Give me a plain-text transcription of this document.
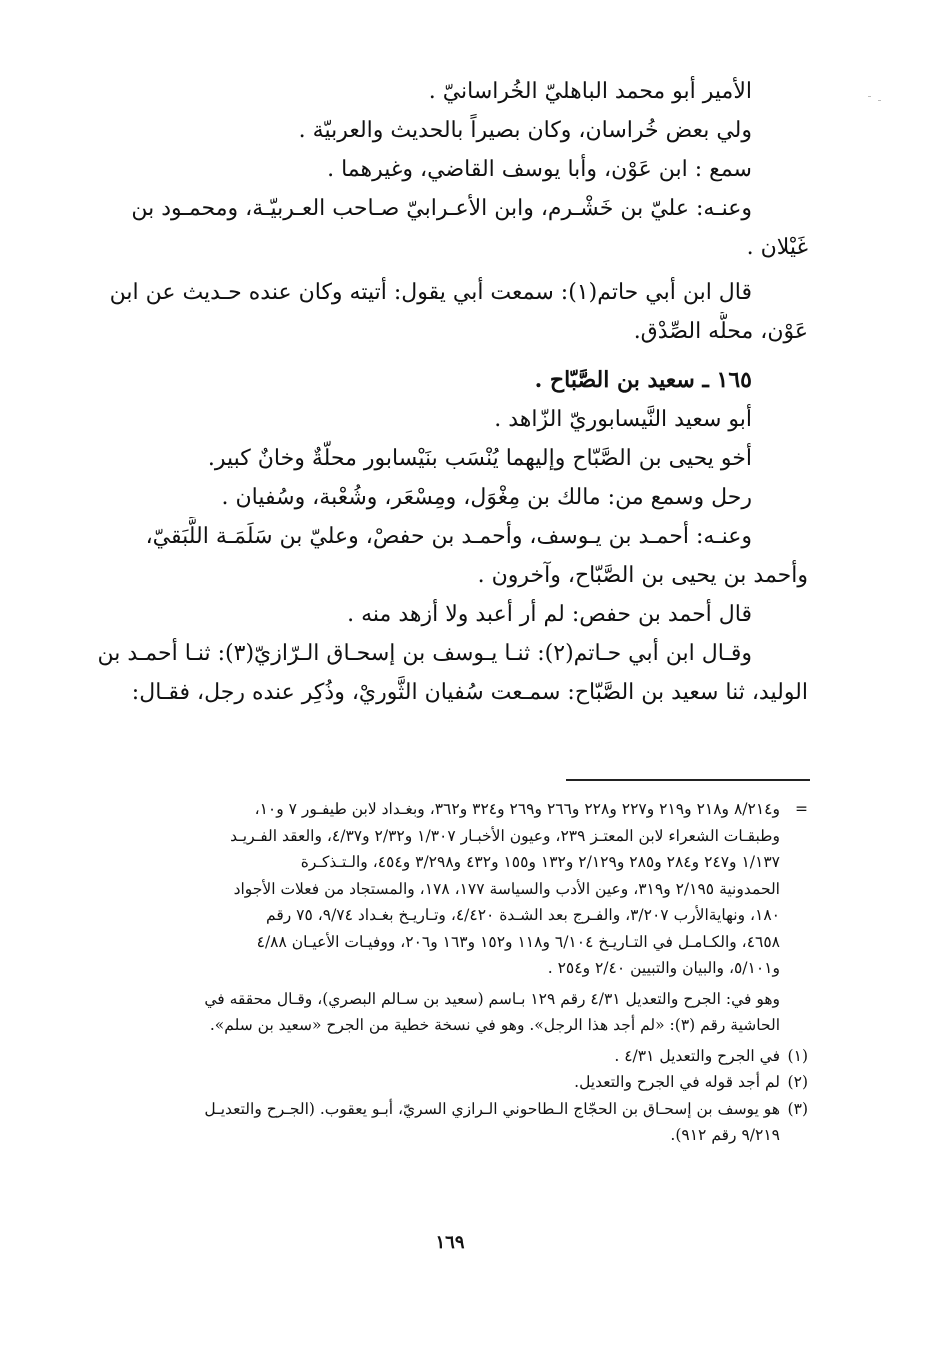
الأمير أبو محمد الباهليّ الخُراسانيّ .
ولي بعض خُراسان، وكان بصيراً بالحديث والعربيّة .
سمع : ابن عَوْن، وأبا يوسف القاضي، وغيرهما .
وعنـه: عليّ بن خَشْـرم، وابن الأعـرابيّ صـاحب العـربيّـة، ومحمـود بن
غَيْلان .
قال ابن أبي حاتم(١): سمعت أبي يقول: أتيته وكان عنده حـديث عن ابن
عَوْن، محلُّه الصِّدْق.
١٦٥ ـ سعيد بن الصَّبّاح .
أبو سعيد النَّيسابوريّ الزّاهد .
أخو يحيى بن الصَّبّاح وإليهما يُنْسَب بنَيْسابور محلّةٌ وخانٌ كبير.
رحل وسمع من: مالك بن مِغْوَل، ومِسْعَر، وشُعْبة، وسُفيان .
وعنـه: أحمـد بن يـوسف، وأحمـد بن حفصْ، وعليّ بن سَلَمَـة اللَّبَقيّ،
وأحمد بن يحيى بن الصَّبّاح، وآخرون .
قال أحمد بن حفص: لم أر أعبد ولا أزهد منه .
وقـال ابن أبي حـاتم(٢): ثنـا يـوسف بن إسحـاق الـرّازيّ(٣): ثنـا أحمـد بن
الوليد، ثنا سعيد بن الصَّبّاح: سمـعت سُفيان الثَّوريْ، وذُكِر عنده رجل، فقـال:
=و٨/٢١٤ و٢١٨ و٢١٩ و٢٢٧ و٢٢٨ و٢٦٦ و٢٦٩ و٣٢٤ و٣٦٢، وبغـداد لابن طيفـور ٧ و١٠،
وطبقـات الشعراء لابن المعتـز ٢٣٩، وعيون الأخبـار ١/٣٠٧ و٢/٣٢ و٤/٣٧، والعقد الفـريـد
١/١٣٧ و٢٤٧ و٢٨٤ و٢٨٥ و٢/١٢٩ و١٣٢ و١٥٥ و٤٣٢ و٣/٢٩٨ و٤٥٤، والـتـذكـرة
الحمدونية ٢/١٩٥ و٣١٩، وعين الأدب والسياسة ١٧٧، ١٧٨، والمستجاد من فعلات الأجواد
١٨٠، ونهايةالأرب ٣/٢٠٧، والفـرج بعد الشـدة ٤/٤٢٠، وتـاريـخ بغـداد ٩/٧٤، ٧٥ رقم
٤٦٥٨، والكـامـل في التـاريـخ ٦/١٠٤ و١١٨ و١٥٢ و١٦٣ و٢٠٦، ووفيـات الأعيـان ٤/٨٨
و٥/١٠١، والبيان والتبيين ٢/٤٠ و٢٥٤ .
وهو في: الجرح والتعديل ٤/٣١ رقم ١٢٩ بـاسم (سعيد بن سـالم البصري)، وقـال محققه في
الحاشية رقم (٣): «لم أجد هذا الرجل». وهو في نسخة خطية من الجرح «سعيد بن سلم».
(١)في الجرح والتعديل ٤/٣١ .
(٢)لم أجد قوله في الجرح والتعديل.
(٣)هو يوسف بن إسحـاق بن الحجّاج الـطاحوني الـرازي السريّ، أبـو يعقوب. (الجـرح والتعديـل
٩/٢١٩ رقم ٩١٢).
١٦٩
